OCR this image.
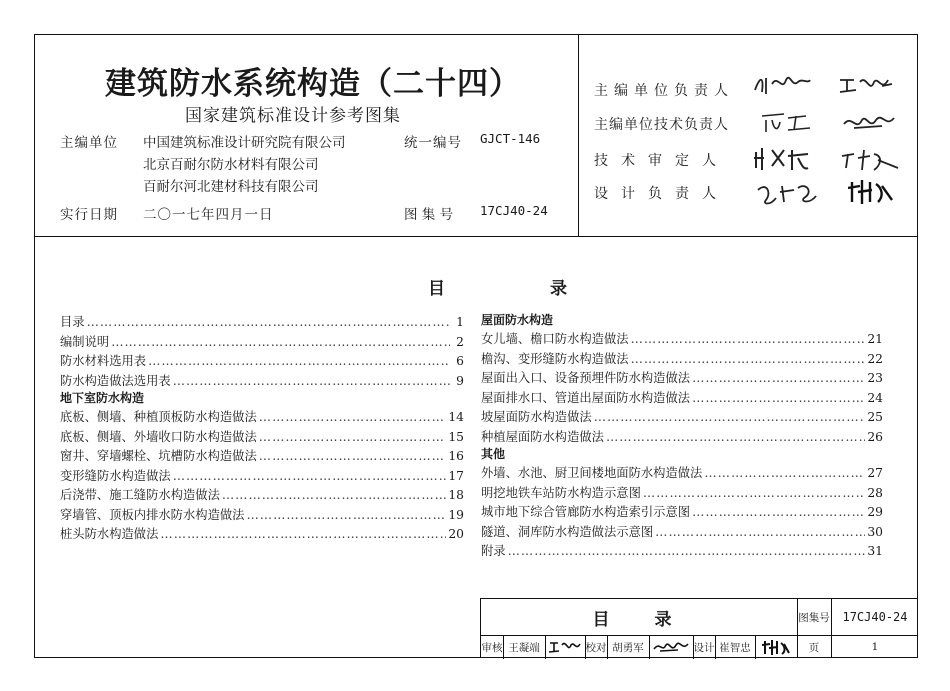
建筑防水系统构造（二十四）
国家建筑标准设计参考图集
主编单位 中国建筑标准设计研究院有限公司
北京百耐尔防水材料有限公司
百耐尔河北建材科技有限公司
统一编号 GJCT-146
实行日期 二〇一七年四月一日	图 集 号 17CJ40-24
主编单位负责人
主编单位技术负责人
技术审定人
设计负责人
目　录
目录 ……………………………………………………………………………………………………………………………………………………………	1
编制说明 ……………………………………………………………………………………………………………………………………………………………	2
防水材料选用表 ……………………………………………………………………………………………………………………………………………………………	6
防水构造做法选用表 ……………………………………………………………………………………………………………………………………………………………	9
地下室防水构造
底板、侧墙、种植顶板防水构造做法 ……………………………………………………………………………………………………………………………………………………………	14
底板、侧墙、外墙收口防水构造做法 ……………………………………………………………………………………………………………………………………………………………	15
窗井、穿墙螺栓、坑槽防水构造做法 ……………………………………………………………………………………………………………………………………………………………	16
变形缝防水构造做法 ……………………………………………………………………………………………………………………………………………………………	17
后浇带、施工缝防水构造做法 ……………………………………………………………………………………………………………………………………………………………	18
穿墙管、顶板内排水防水构造做法 ……………………………………………………………………………………………………………………………………………………………	19
桩头防水构造做法 ……………………………………………………………………………………………………………………………………………………………	20
屋面防水构造
女儿墙、檐口防水构造做法 ……………………………………………………………………………………………………………………………………………………………	21
檐沟、变形缝防水构造做法 ……………………………………………………………………………………………………………………………………………………………	22
屋面出入口、设备预埋件防水构造做法 ……………………………………………………………………………………………………………………………………………………………	23
屋面排水口、管道出屋面防水构造做法 ……………………………………………………………………………………………………………………………………………………………	24
坡屋面防水构造做法 ……………………………………………………………………………………………………………………………………………………………	25
种植屋面防水构造做法 ……………………………………………………………………………………………………………………………………………………………	26
其他
外墙、水池、厨卫间楼地面防水构造做法 ……………………………………………………………………………………………………………………………………………………………	27
明挖地铁车站防水构造示意图 ……………………………………………………………………………………………………………………………………………………………	28
城市地下综合管廊防水构造索引示意图 ……………………………………………………………………………………………………………………………………………………………	29
隧道、洞库防水构造做法示意图 ……………………………………………………………………………………………………………………………………………………………	30
附录 ……………………………………………………………………………………………………………………………………………………………	31
目　录	图集号	17CJ40-24
页	1
审核 王凝端	校对 胡勇军	设计 崔智忠
